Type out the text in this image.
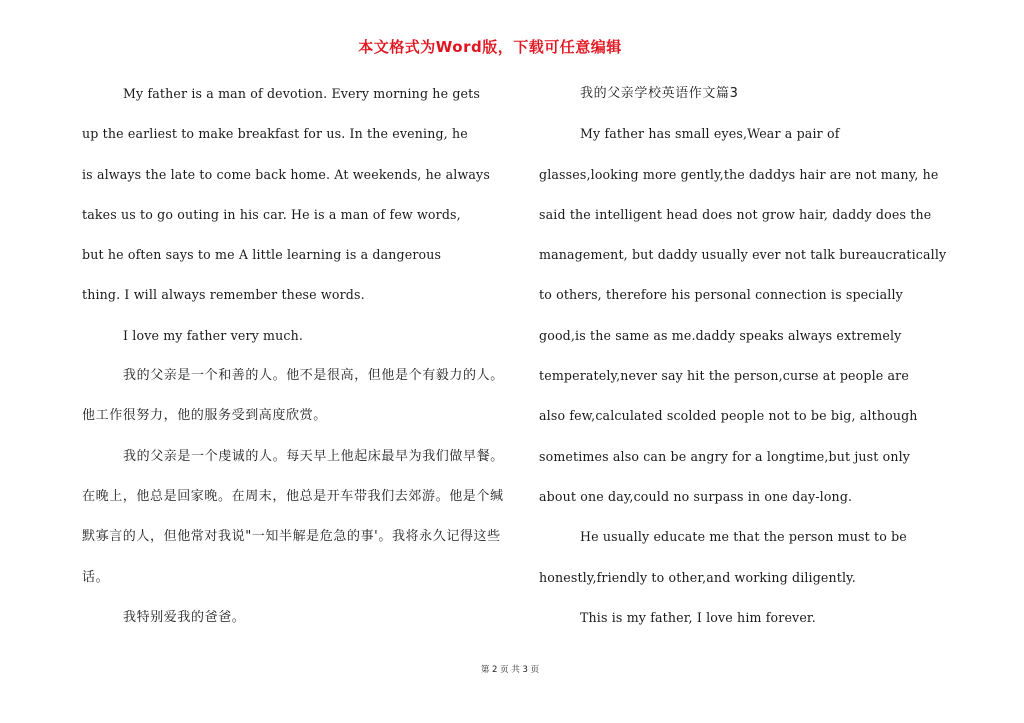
本文格式为Word版，下载可任意编辑
My father is a man of devotion. Every morning he gets
up the earliest to make breakfast for us. In the evening, he
is always the late to come back home. At weekends, he always
takes us to go outing in his car. He is a man of few words,
but he often says to me A little learning is a dangerous
thing. I will always remember these words.
I love my father very much.
我的父亲是一个和善的人。他不是很高，但他是个有毅力的人。
他工作很努力，他的服务受到高度欣赏。
我的父亲是一个虔诚的人。每天早上他起床最早为我们做早餐。
在晚上，他总是回家晚。在周末，他总是开车带我们去郊游。他是个缄
默寡言的人，但他常对我说"一知半解是危急的事'。我将永久记得这些
话。
我特别爱我的爸爸。
我的父亲学校英语作文篇3
My father has small eyes,Wear a pair of
glasses,looking more gently,the daddys hair are not many, he
said the intelligent head does not grow hair, daddy does the
management, but daddy usually ever not talk bureaucratically
to others, therefore his personal connection is specially
good,is the same as me.daddy speaks always extremely
temperately,never say hit the person,curse at people are
also few,calculated scolded people not to be big, although
sometimes also can be angry for a longtime,but just only
about one day,could no surpass in one day-long.
He usually educate me that the person must to be
honestly,friendly to other,and working diligently.
This is my father, I love him forever.
第 2 页 共 3 页
